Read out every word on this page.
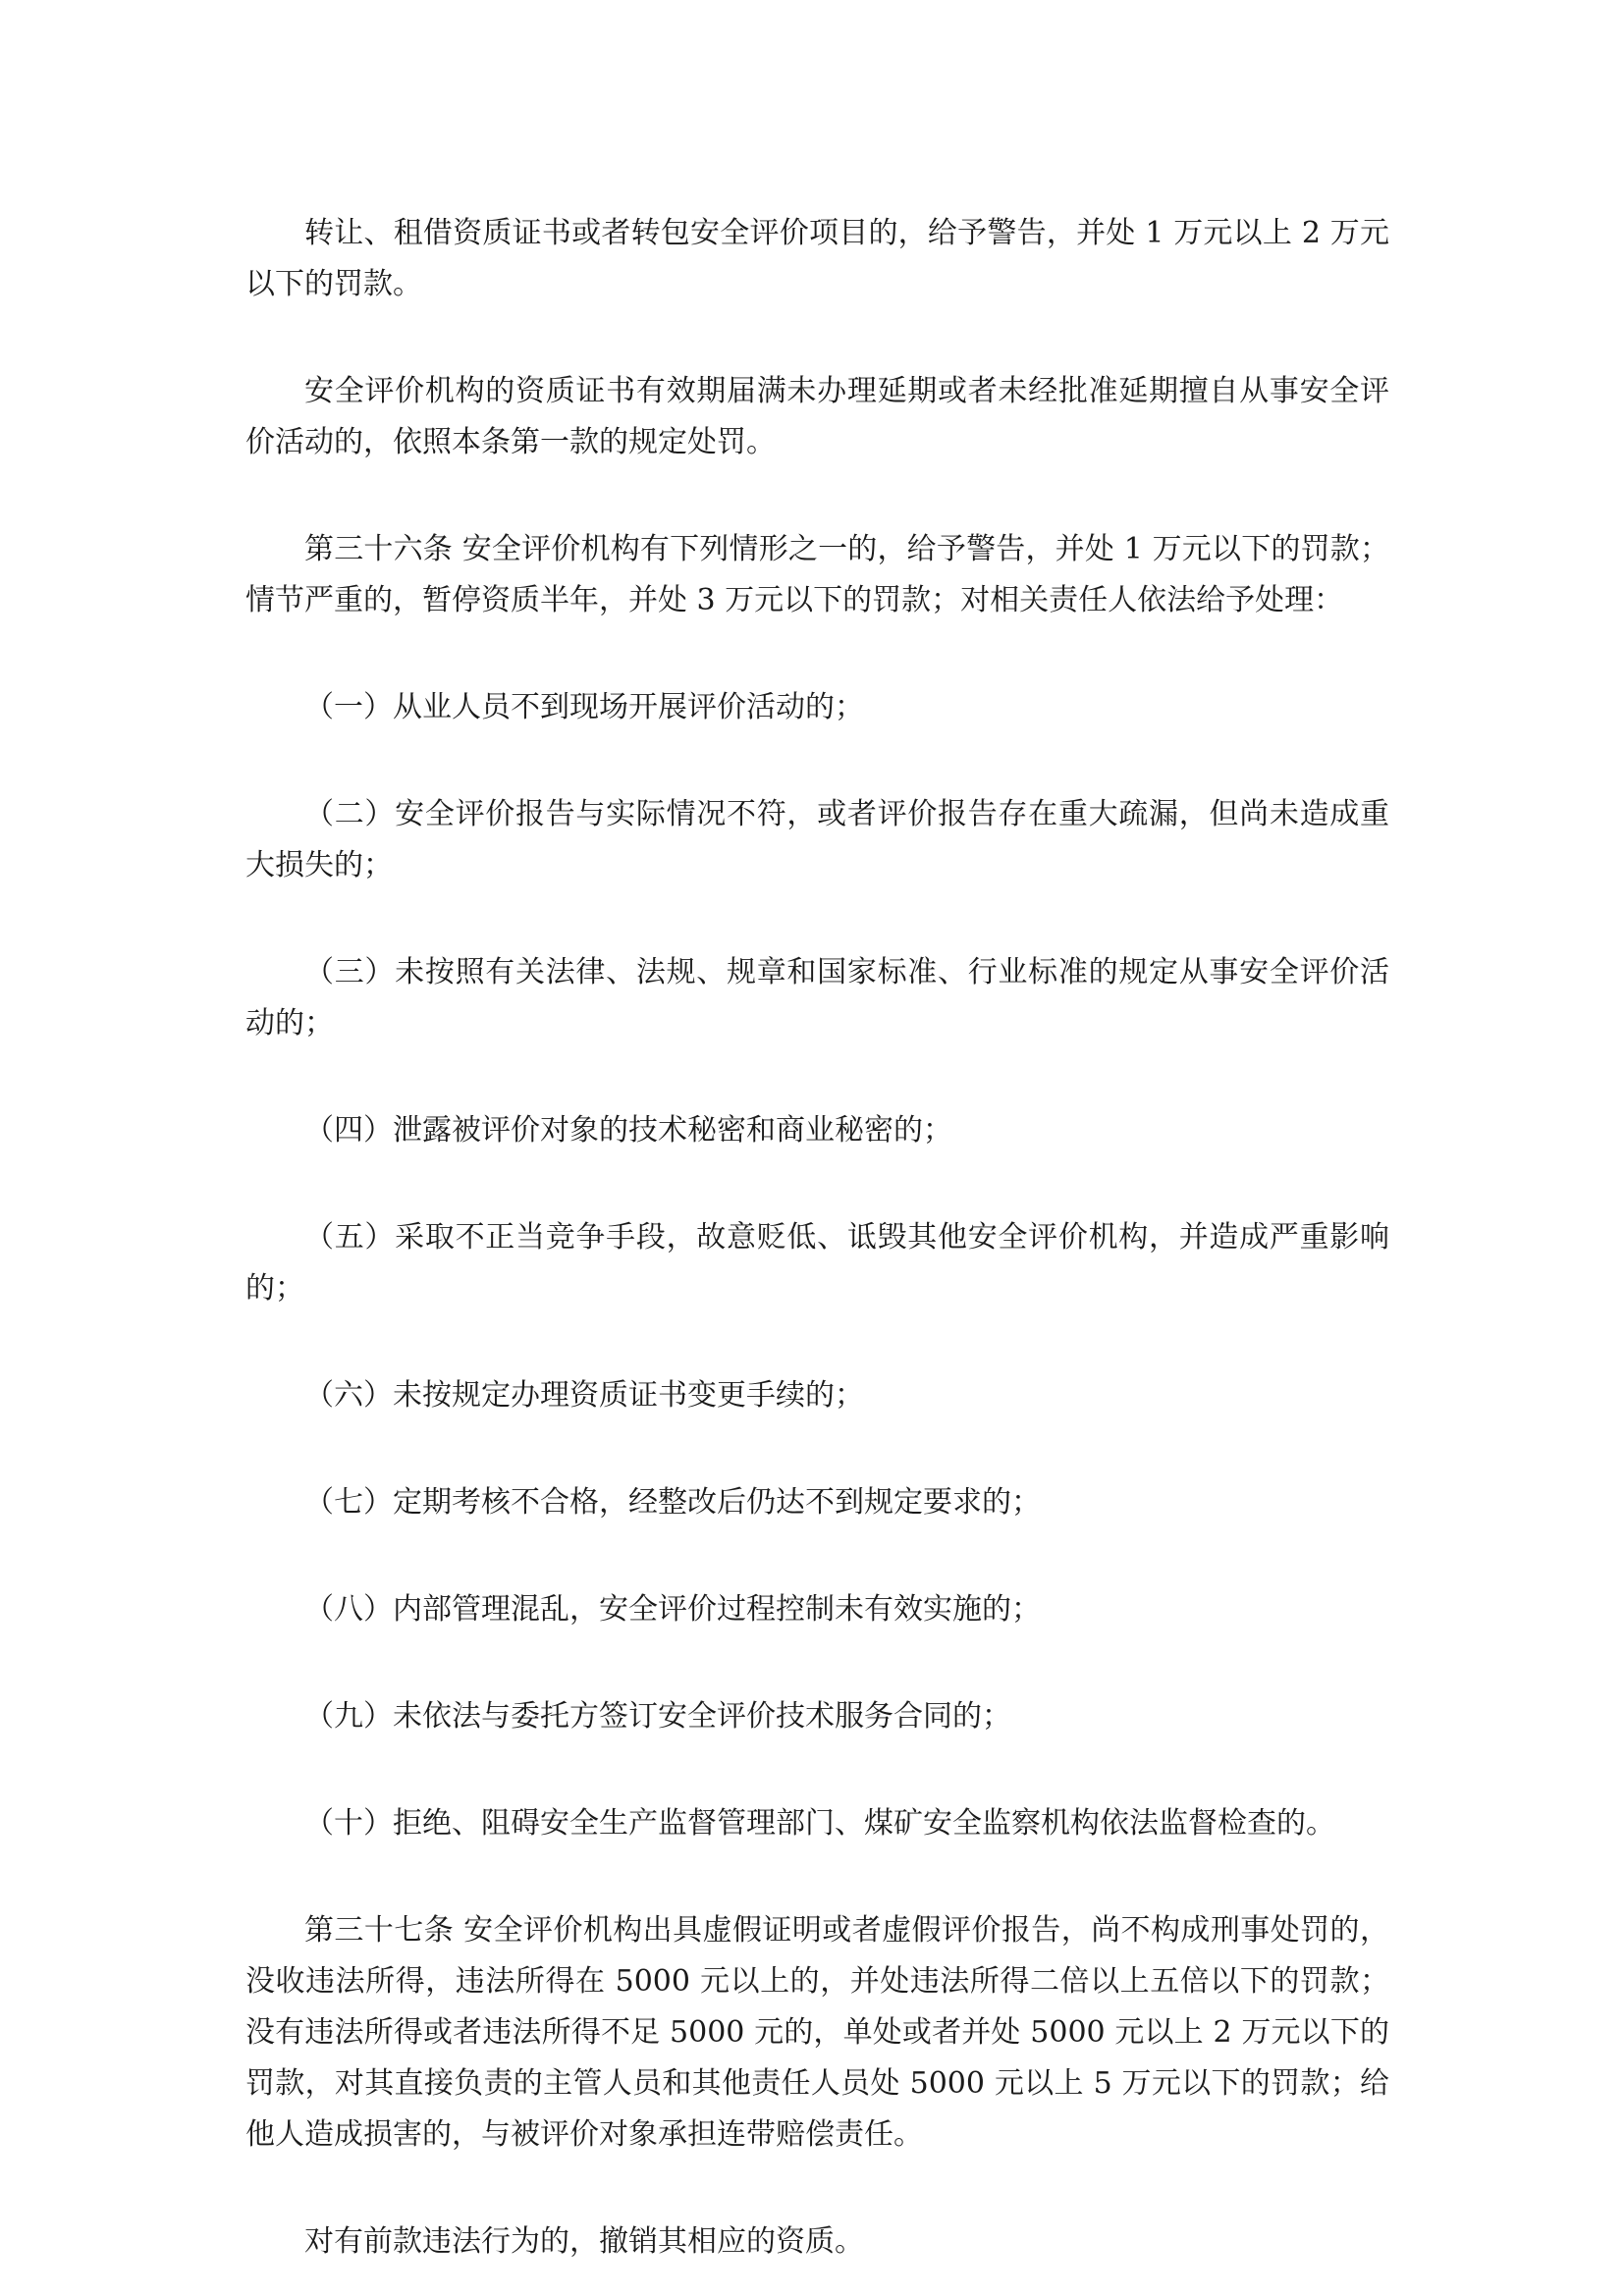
转让、租借资质证书或者转包安全评价项目的，给予警告，并处 1 万元以上 2 万元以下的罚款。

安全评价机构的资质证书有效期届满未办理延期或者未经批准延期擅自从事安全评价活动的，依照本条第一款的规定处罚。

第三十六条 安全评价机构有下列情形之一的，给予警告，并处 1 万元以下的罚款；情节严重的，暂停资质半年，并处 3 万元以下的罚款；对相关责任人依法给予处理：

（一）从业人员不到现场开展评价活动的；

（二）安全评价报告与实际情况不符，或者评价报告存在重大疏漏，但尚未造成重大损失的；

（三）未按照有关法律、法规、规章和国家标准、行业标准的规定从事安全评价活动的；

（四）泄露被评价对象的技术秘密和商业秘密的；

（五）采取不正当竞争手段，故意贬低、诋毁其他安全评价机构，并造成严重影响的；

（六）未按规定办理资质证书变更手续的；

（七）定期考核不合格，经整改后仍达不到规定要求的；

（八）内部管理混乱，安全评价过程控制未有效实施的；

（九）未依法与委托方签订安全评价技术服务合同的；

（十）拒绝、阻碍安全生产监督管理部门、煤矿安全监察机构依法监督检查的。

第三十七条 安全评价机构出具虚假证明或者虚假评价报告，尚不构成刑事处罚的，没收违法所得，违法所得在 5000 元以上的，并处违法所得二倍以上五倍以下的罚款；没有违法所得或者违法所得不足 5000 元的，单处或者并处 5000 元以上 2 万元以下的罚款，对其直接负责的主管人员和其他责任人员处 5000 元以上 5 万元以下的罚款；给他人造成损害的，与被评价对象承担连带赔偿责任。

对有前款违法行为的，撤销其相应的资质。
